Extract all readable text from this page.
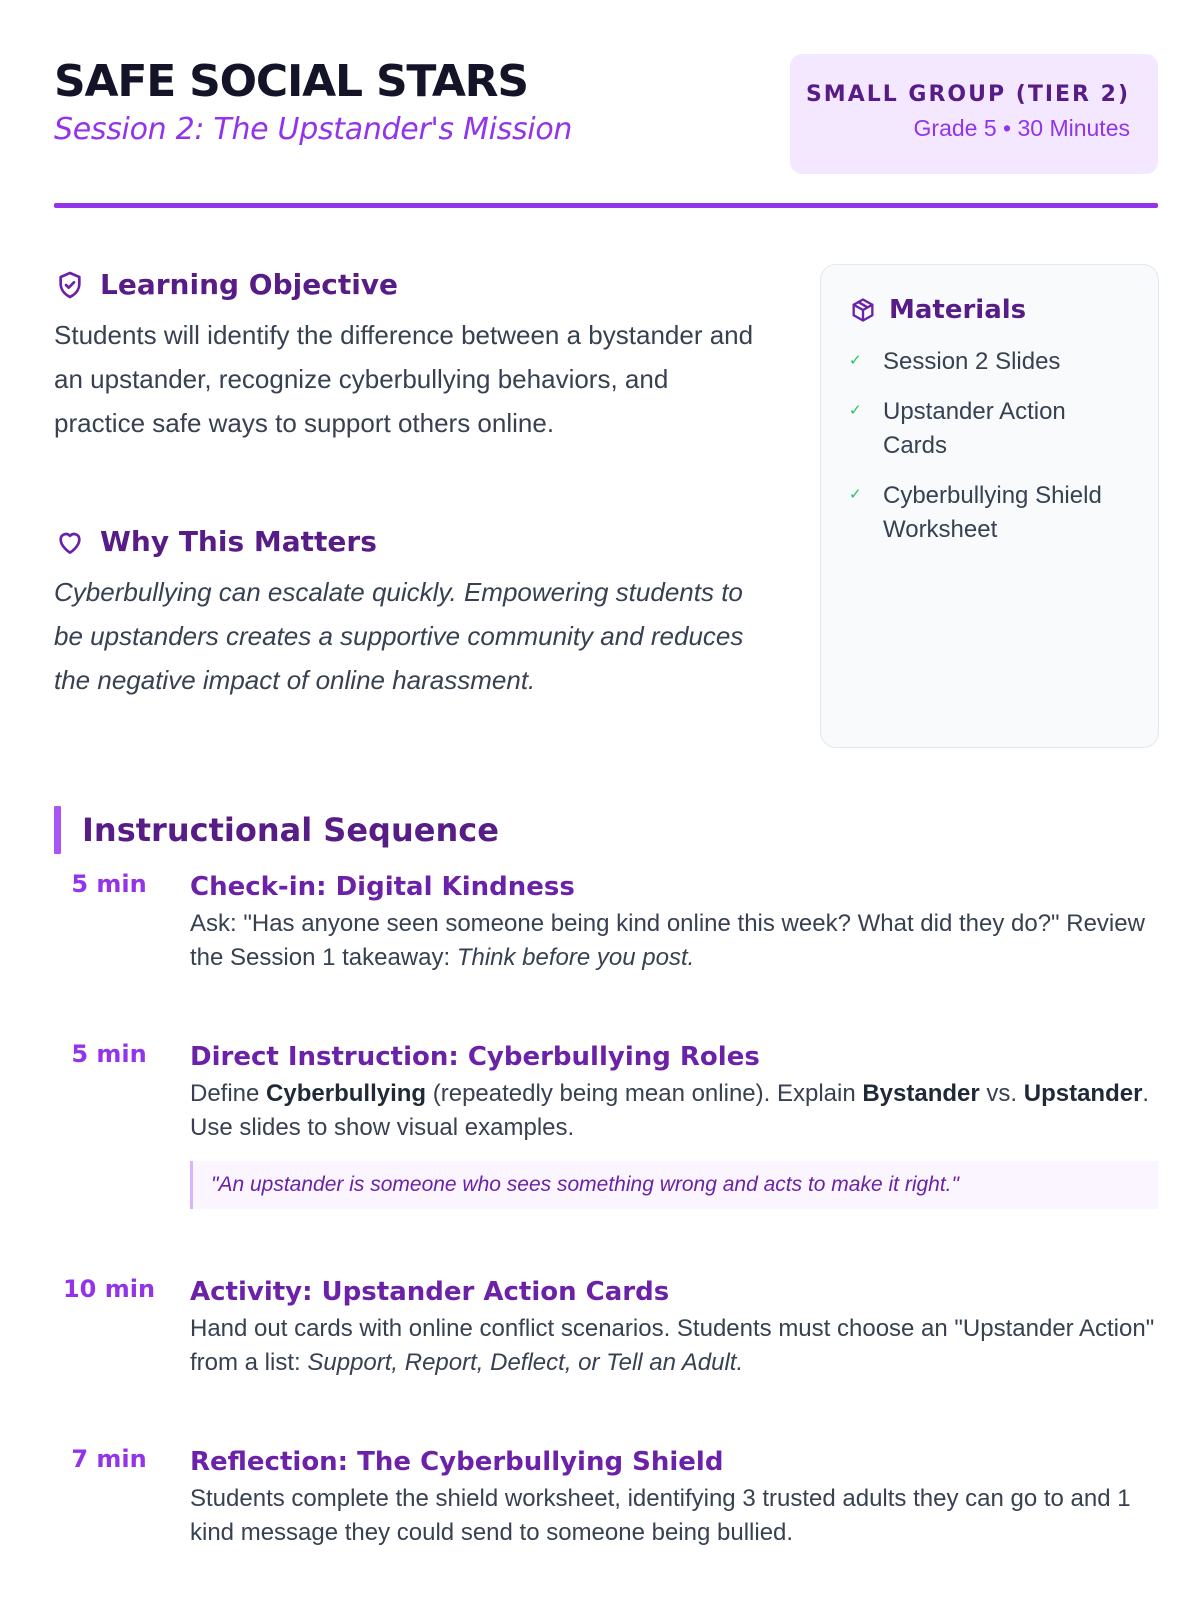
SAFE SOCIAL STARS
Session 2: The Upstander's Mission
SMALL GROUP (TIER 2)
Grade 5 • 30 Minutes
Learning Objective

Students will identify the difference between a bystander and an upstander, recognize cyberbullying behaviors, and practice safe ways to support others online.

Why This Matters

Cyberbullying can escalate quickly. Empowering students to be upstanders creates a supportive community and reduces the negative impact of online harassment.

Materials
✓ Session 2 Slides
✓ Upstander Action Cards
✓ Cyberbullying Shield Worksheet
Instructional Sequence
5 min	Check-in: Digital Kindness
Ask: "Has anyone seen someone being kind online this week? What did they do?" Review the Session 1 takeaway: Think before you post.
5 min	Direct Instruction: Cyberbullying Roles
Define Cyberbullying (repeatedly being mean online). Explain Bystander vs. Upstander. Use slides to show visual examples.
"An upstander is someone who sees something wrong and acts to make it right."
10 min	Activity: Upstander Action Cards
Hand out cards with online conflict scenarios. Students must choose an "Upstander Action" from a list: Support, Report, Deflect, or Tell an Adult.
7 min	Reflection: The Cyberbullying Shield
Students complete the shield worksheet, identifying 3 trusted adults they can go to and 1 kind message they could send to someone being bullied.
